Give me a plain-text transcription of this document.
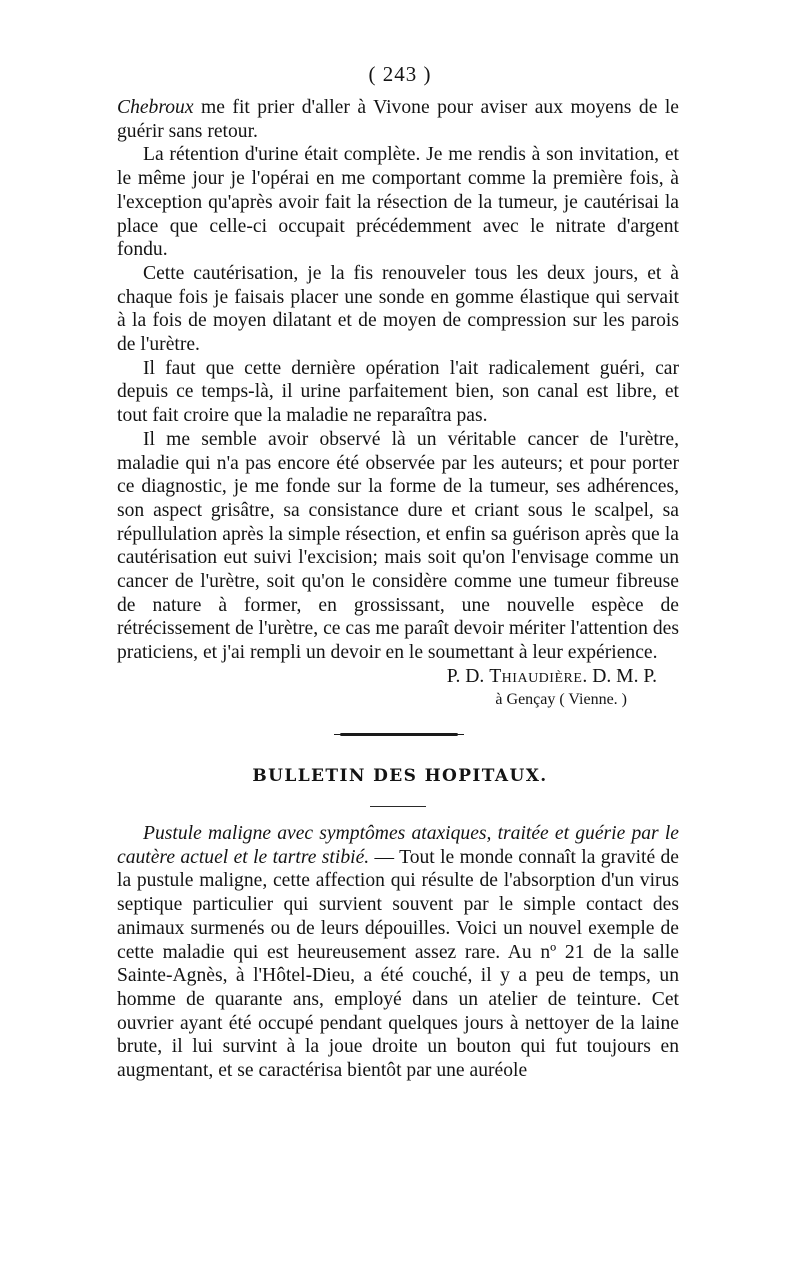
( 243 )

Chebroux me fit prier d'aller à Vivone pour aviser aux moyens de le guérir sans retour.

La rétention d'urine était complète. Je me rendis à son invitation, et le même jour je l'opérai en me comportant comme la première fois, à l'exception qu'après avoir fait la résection de la tumeur, je cautérisai la place que celle-ci occupait précédemment avec le nitrate d'argent fondu.

Cette cautérisation, je la fis renouveler tous les deux jours, et à chaque fois je faisais placer une sonde en gomme élastique qui servait à la fois de moyen dilatant et de moyen de compression sur les parois de l'urètre.

Il faut que cette dernière opération l'ait radicalement guéri, car depuis ce temps-là, il urine parfaitement bien, son canal est libre, et tout fait croire que la maladie ne reparaîtra pas.

Il me semble avoir observé là un véritable cancer de l'urètre, maladie qui n'a pas encore été observée par les auteurs; et pour porter ce diagnostic, je me fonde sur la forme de la tumeur, ses adhérences, son aspect grisâtre, sa consistance dure et criant sous le scalpel, sa répullulation après la simple résection, et enfin sa guérison après que la cautérisation eut suivi l'excision; mais soit qu'on l'envisage comme un cancer de l'urètre, soit qu'on le considère comme une tumeur fibreuse de nature à former, en grossissant, une nouvelle espèce de rétrécissement de l'urètre, ce cas me paraît devoir mériter l'attention des praticiens, et j'ai rempli un devoir en le soumettant à leur expérience.

P. D. Thiaudière. D. M. P.
à Gençay ( Vienne. )
BULLETIN DES HOPITAUX.

Pustule maligne avec symptômes ataxiques, traitée et guérie par le cautère actuel et le tartre stibié. — Tout le monde connaît la gravité de la pustule maligne, cette affection qui résulte de l'absorption d'un virus septique particulier qui survient souvent par le simple contact des animaux surmenés ou de leurs dépouilles. Voici un nouvel exemple de cette maladie qui est heureusement assez rare. Au nº 21 de la salle Sainte-Agnès, à l'Hôtel-Dieu, a été couché, il y a peu de temps, un homme de quarante ans, employé dans un atelier de teinture. Cet ouvrier ayant été occupé pendant quelques jours à nettoyer de la laine brute, il lui survint à la joue droite un bouton qui fut toujours en augmentant, et se caractérisa bientôt par une auréole
